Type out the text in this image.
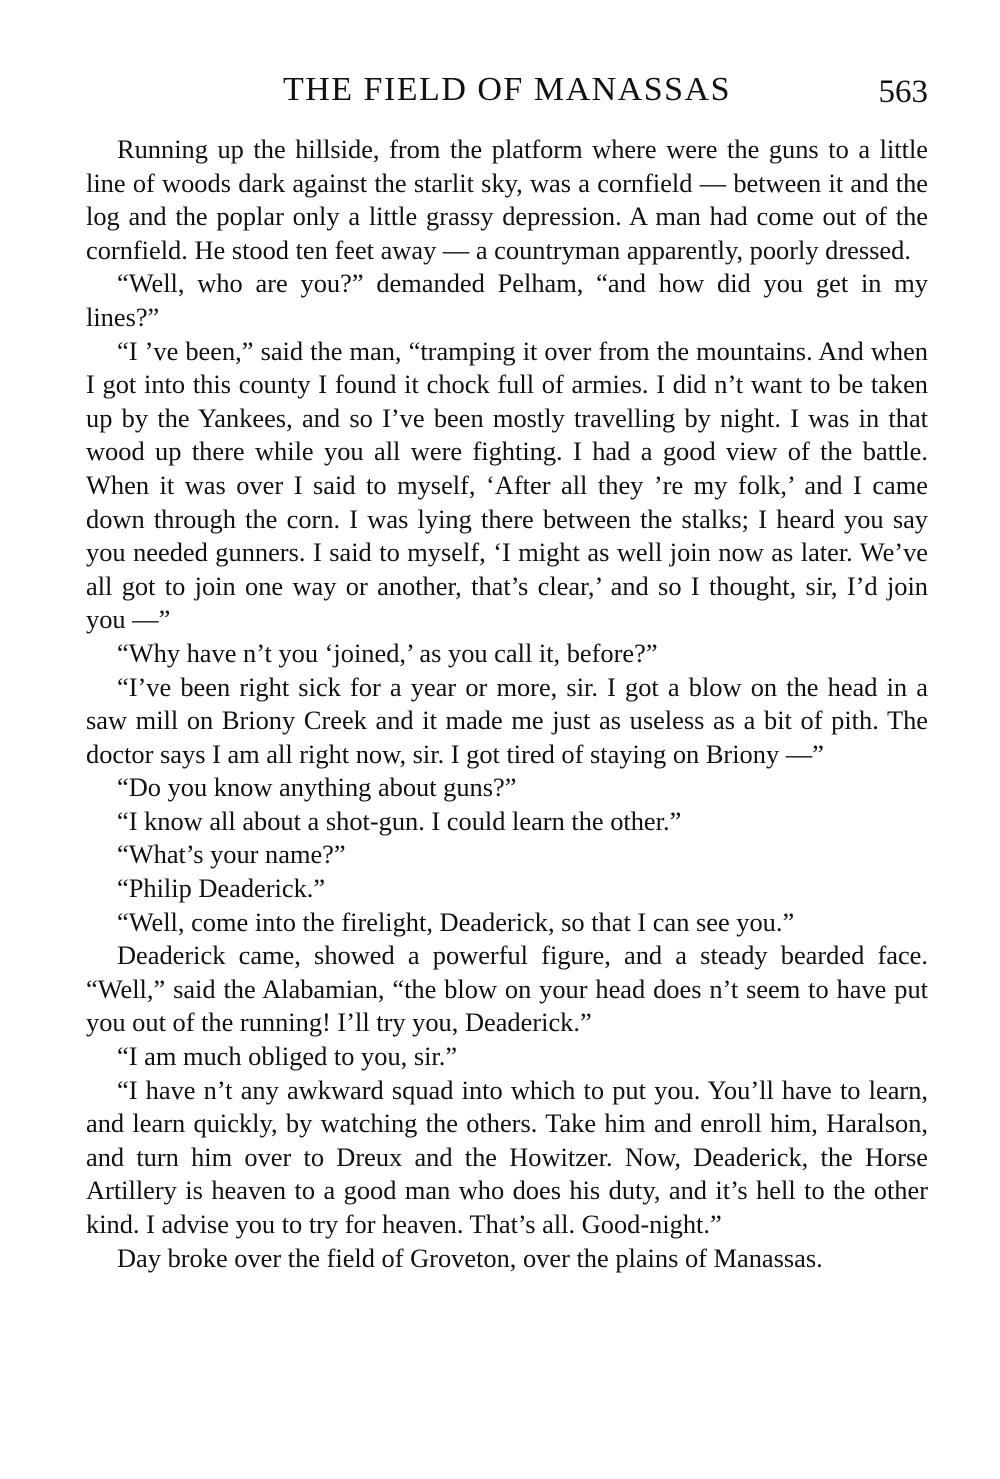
THE FIELD OF MANASSAS	563

Running up the hillside, from the platform where were the guns to a little line of woods dark against the starlit sky, was a cornfield — between it and the log and the poplar only a little grassy depression. A man had come out of the cornfield. He stood ten feet away — a countryman apparently, poorly dressed.

“Well, who are you?” demanded Pelham, “and how did you get in my lines?”

“I ’ve been,” said the man, “tramping it over from the mountains. And when I got into this county I found it chock full of armies. I did n’t want to be taken up by the Yankees, and so I’ve been mostly travelling by night. I was in that wood up there while you all were fighting. I had a good view of the battle. When it was over I said to myself, ‘After all they ’re my folk,’ and I came down through the corn. I was lying there between the stalks; I heard you say you needed gunners. I said to myself, ‘I might as well join now as later. We’ve all got to join one way or another, that’s clear,’ and so I thought, sir, I’d join you —”

“Why have n’t you ‘joined,’ as you call it, before?”

“I’ve been right sick for a year or more, sir. I got a blow on the head in a saw mill on Briony Creek and it made me just as useless as a bit of pith. The doctor says I am all right now, sir. I got tired of staying on Briony —”

“Do you know anything about guns?”

“I know all about a shot-gun. I could learn the other.”

“What’s your name?”

“Philip Deaderick.”

“Well, come into the firelight, Deaderick, so that I can see you.”

Deaderick came, showed a powerful figure, and a steady bearded face. “Well,” said the Alabamian, “the blow on your head does n’t seem to have put you out of the running! I’ll try you, Deaderick.”

“I am much obliged to you, sir.”

“I have n’t any awkward squad into which to put you. You’ll have to learn, and learn quickly, by watching the others. Take him and enroll him, Haralson, and turn him over to Dreux and the Howitzer. Now, Deaderick, the Horse Artillery is heaven to a good man who does his duty, and it’s hell to the other kind. I advise you to try for heaven. That’s all. Good-night.”

Day broke over the field of Groveton, over the plains of Manassas.
